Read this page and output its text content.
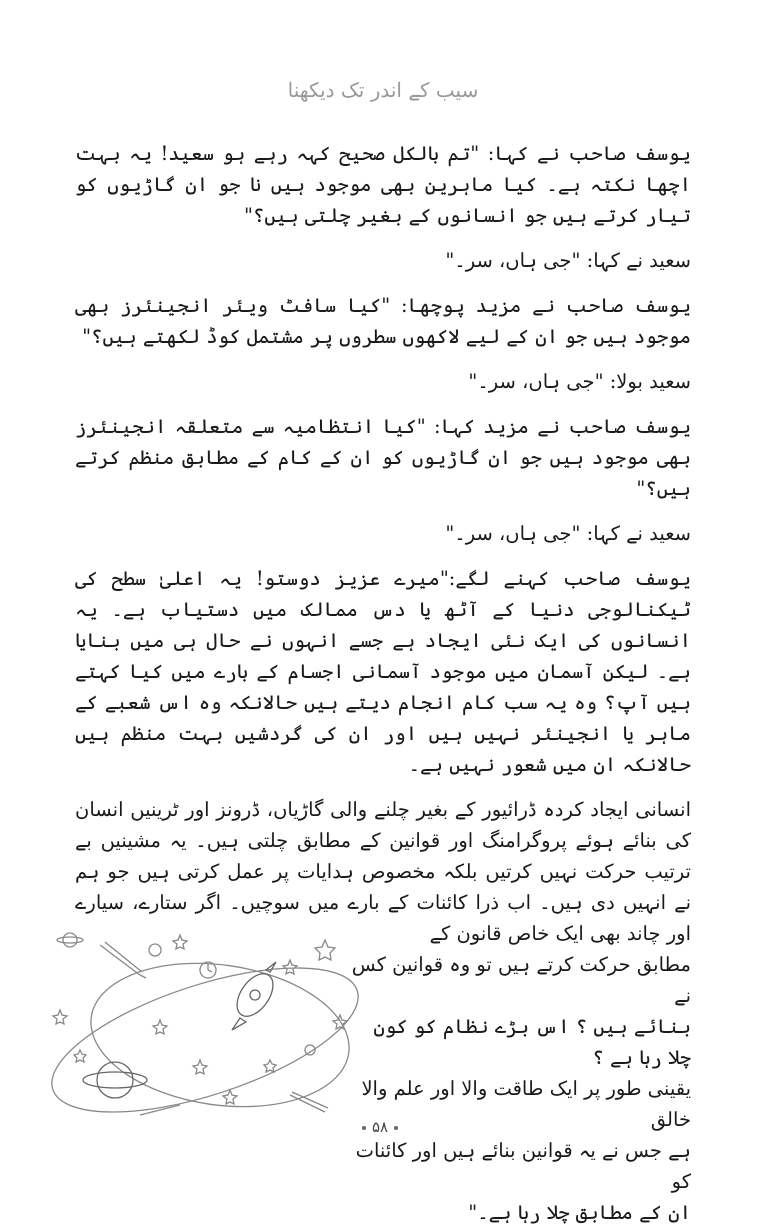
سیب کے اندر تک دیکھنا

یوسف صاحب نے کہا: "تم بالکل صحیح کہہ رہے ہو سعید! یہ بہت اچھا نکتہ ہے۔ کیا ماہرین بھی موجود ہیں نا جو ان گاڑیوں کو تیار کرتے ہیں جو انسانوں کے بغیر چلتی ہیں؟"

سعید نے کہا: "جی ہاں، سر۔"

یوسف صاحب نے مزید پوچھا: "کیا سافٹ ویئر انجینئرز بھی موجود ہیں جو ان کے لیے لاکھوں سطروں پر مشتمل کوڈ لکھتے ہیں؟"

سعید بولا: "جی ہاں، سر۔"

یوسف صاحب نے مزید کہا: "کیا انتظامیہ سے متعلقہ انجینئرز بھی موجود ہیں جو ان گاڑیوں کو ان کے کام کے مطابق منظم کرتے ہیں؟"

سعید نے کہا: "جی ہاں، سر۔"

یوسف صاحب کہنے لگے:"میرے عزیز دوستو! یہ اعلیٰ سطح کی ٹیکنالوجی دنیا کے آٹھ یا دس ممالک میں دستیاب ہے۔ یہ انسانوں کی ایک نئی ایجاد ہے جسے انہوں نے حال ہی میں بنایا ہے۔ لیکن آسمان میں موجود آسمانی اجسام کے بارے میں کیا کہتے ہیں آپ؟ وہ یہ سب کام انجام دیتے ہیں حالانکہ وہ اس شعبے کے ماہر یا انجینئر نہیں ہیں اور ان کی گردشیں بہت منظم ہیں حالانکہ ان میں شعور نہیں ہے۔

انسانی ایجاد کردہ ڈرائیور کے بغیر چلنے والی گاڑیاں، ڈرونز اور ٹرینیں انسان کی بنائے ہوئے پروگرامنگ اور قوانین کے مطابق چلتی ہیں۔ یہ مشینیں بے ترتیب حرکت نہیں کرتیں بلکہ مخصوص ہدایات پر عمل کرتی ہیں جو ہم نے انہیں دی ہیں۔ اب ذرا کائنات کے بارے میں سوچیں۔ اگر ستارے، سیارے اور چاند بھی ایک خاص قانون کے

مطابق حرکت کرتے ہیں تو وہ قوانین کس نے
بنائے ہیں ؟ اس بڑے نظام کو کون چلا رہا ہے ؟
یقینی طور پر ایک طاقت والا اور علم والا خالق
ہے جس نے یہ قوانین بنائے ہیں اور کائنات کو
ان کے مطابق چلا رہا ہے۔"
۵۸
